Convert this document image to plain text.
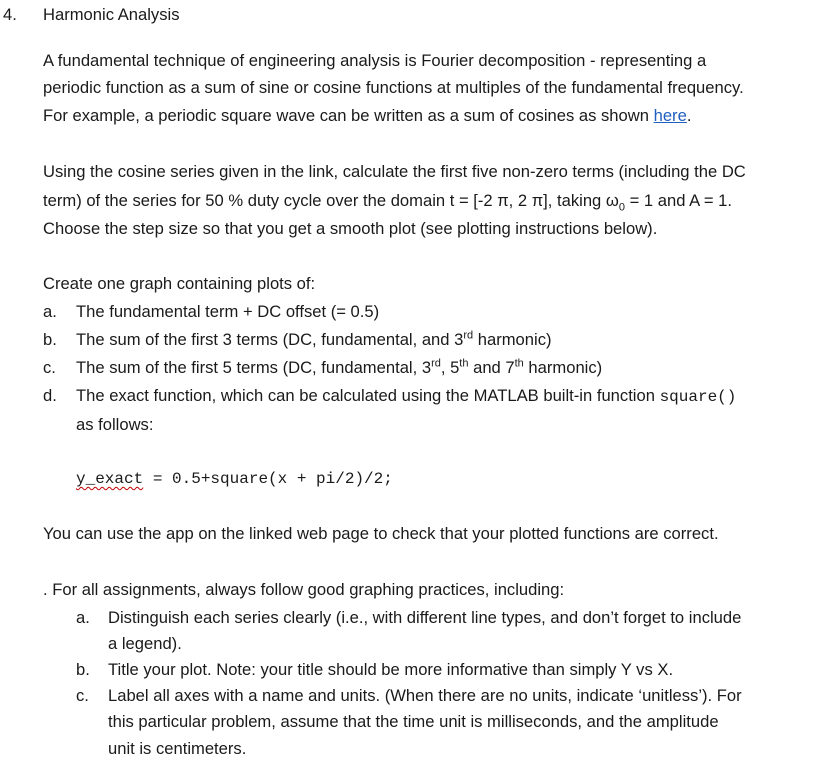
4. Harmonic Analysis
A fundamental technique of engineering analysis is Fourier decomposition - representing a
periodic function as a sum of sine or cosine functions at multiples of the fundamental frequency.
For example, a periodic square wave can be written as a sum of cosines as shown here.
Using the cosine series given in the link, calculate the first five non-zero terms (including the DC
term) of the series for 50 % duty cycle over the domain t = [-2 π, 2 π], taking $\omega_0 = 1$ and A = 1.
Choose the step size so that you get a smooth plot (see plotting instructions below).
Create one graph containing plots of:
a. The fundamental term + DC offset (= 0.5)
b. The sum of the first 3 terms (DC, fundamental, and 3rd harmonic)
c. The sum of the first 5 terms (DC, fundamental, 3rd, 5th and 7th harmonic)
d. The exact function, which can be calculated using the MATLAB built-in function square()
as follows:
y_exact = 0.5+square(x + pi/2)/2;
You can use the app on the linked web page to check that your plotted functions are correct.
. For all assignments, always follow good graphing practices, including:
a. Distinguish each series clearly (i.e., with different line types, and don’t forget to include
a legend).
b. Title your plot. Note: your title should be more informative than simply Y vs X.
c. Label all axes with a name and units. (When there are no units, indicate ‘unitless’). For
this particular problem, assume that the time unit is milliseconds, and the amplitude
unit is centimeters.
